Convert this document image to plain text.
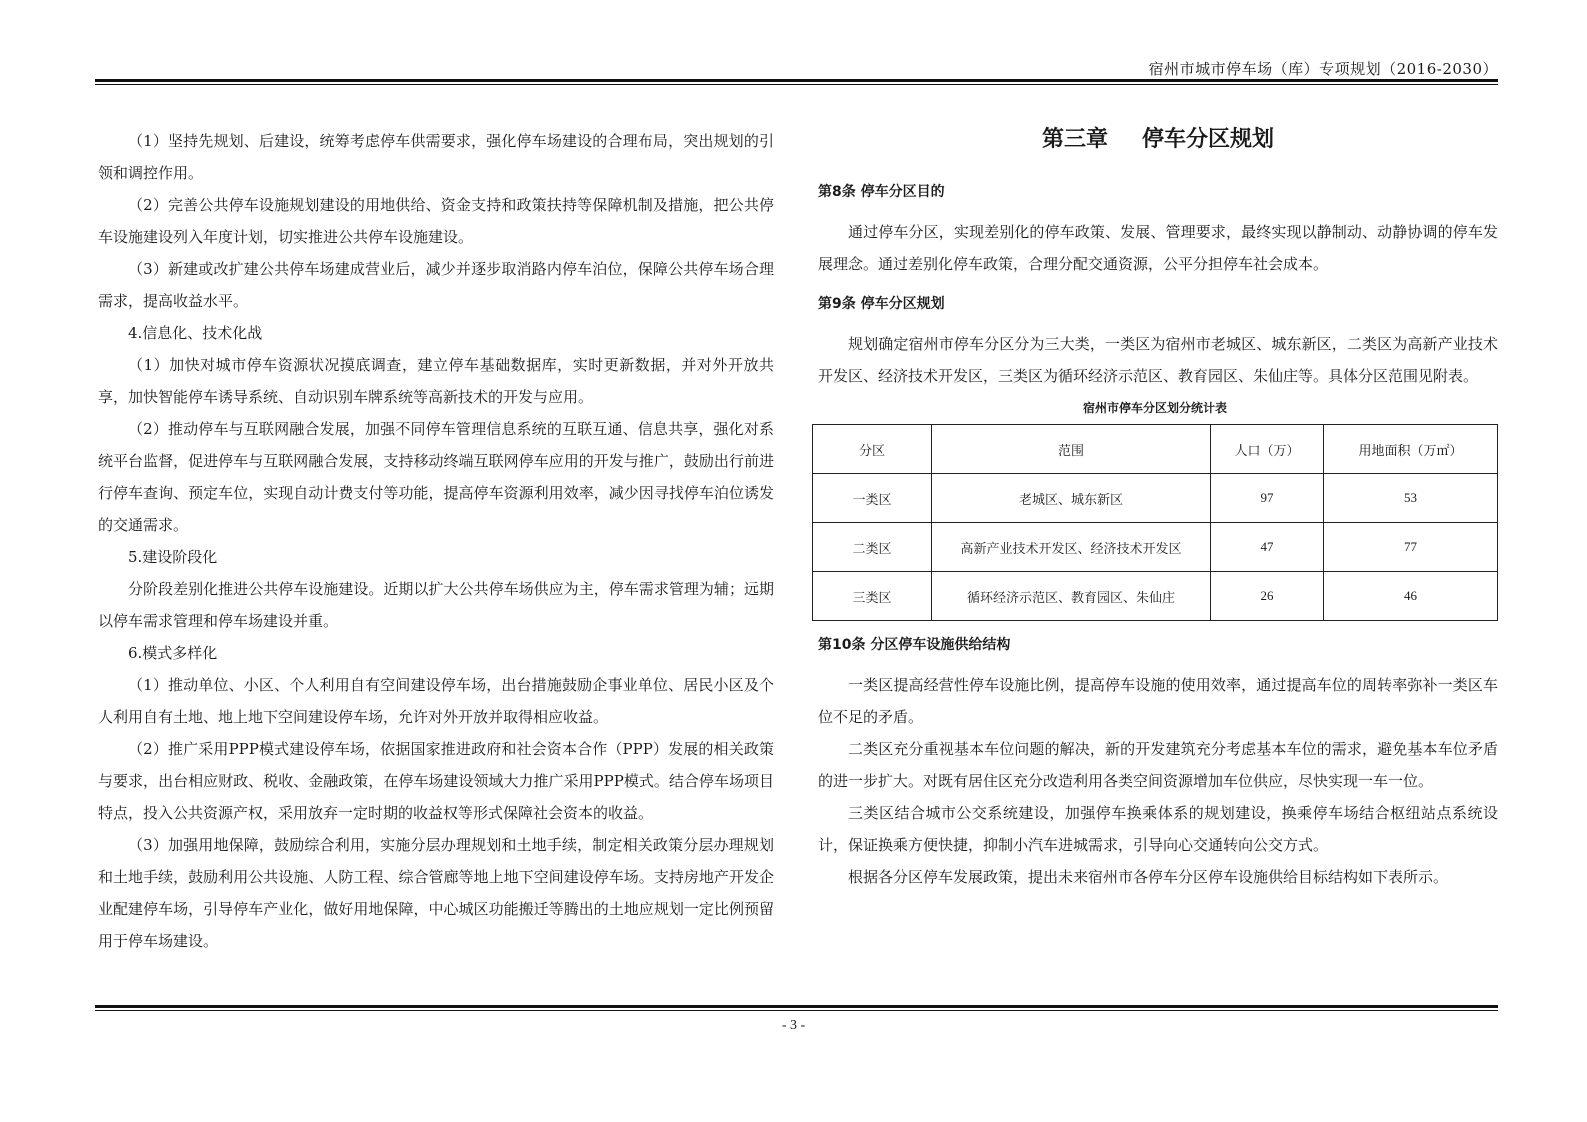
宿州市城市停车场（库）专项规划（2016-2030）

（1）坚持先规划、后建设，统筹考虑停车供需要求，强化停车场建设的合理布局，突出规划的引领和调控作用。

（2）完善公共停车设施规划建设的用地供给、资金支持和政策扶持等保障机制及措施，把公共停车设施建设列入年度计划，切实推进公共停车设施建设。

（3）新建或改扩建公共停车场建成营业后，减少并逐步取消路内停车泊位，保障公共停车场合理需求，提高收益水平。

4.信息化、技术化战

（1）加快对城市停车资源状况摸底调查，建立停车基础数据库，实时更新数据，并对外开放共享，加快智能停车诱导系统、自动识别车牌系统等高新技术的开发与应用。

（2）推动停车与互联网融合发展，加强不同停车管理信息系统的互联互通、信息共享，强化对系统平台监督，促进停车与互联网融合发展，支持移动终端互联网停车应用的开发与推广，鼓励出行前进行停车查询、预定车位，实现自动计费支付等功能，提高停车资源利用效率，减少因寻找停车泊位诱发的交通需求。

5.建设阶段化

分阶段差别化推进公共停车设施建设。近期以扩大公共停车场供应为主，停车需求管理为辅；远期以停车需求管理和停车场建设并重。

6.模式多样化

（1）推动单位、小区、个人利用自有空间建设停车场，出台措施鼓励企事业单位、居民小区及个人利用自有土地、地上地下空间建设停车场，允许对外开放并取得相应收益。

（2）推广采用PPP模式建设停车场，依据国家推进政府和社会资本合作（PPP）发展的相关政策与要求，出台相应财政、税收、金融政策，在停车场建设领域大力推广采用PPP模式。结合停车场项目特点，投入公共资源产权，采用放弃一定时期的收益权等形式保障社会资本的收益。

（3）加强用地保障，鼓励综合利用，实施分层办理规划和土地手续，制定相关政策分层办理规划和土地手续，鼓励利用公共设施、人防工程、综合管廊等地上地下空间建设停车场。支持房地产开发企业配建停车场，引导停车产业化，做好用地保障，中心城区功能搬迁等腾出的土地应规划一定比例预留用于停车场建设。

第三章 停车分区规划
第8条 停车分区目的

通过停车分区，实现差别化的停车政策、发展、管理要求，最终实现以静制动、动静协调的停车发展理念。通过差别化停车政策，合理分配交通资源，公平分担停车社会成本。

第9条 停车分区规划

规划确定宿州市停车分区分为三大类，一类区为宿州市老城区、城东新区，二类区为高新产业技术开发区、经济技术开发区，三类区为循环经济示范区、教育园区、朱仙庄等。具体分区范围见附表。

宿州市停车分区划分统计表
分区	范围	人口（万）	用地面积（万㎡）
一类区	老城区、城东新区	97	53
二类区	高新产业技术开发区、经济技术开发区	47	77
三类区	循环经济示范区、教育园区、朱仙庄	26	46
第10条 分区停车设施供给结构

一类区提高经营性停车设施比例，提高停车设施的使用效率，通过提高车位的周转率弥补一类区车位不足的矛盾。

二类区充分重视基本车位问题的解决，新的开发建筑充分考虑基本车位的需求，避免基本车位矛盾的进一步扩大。对既有居住区充分改造利用各类空间资源增加车位供应，尽快实现一车一位。

三类区结合城市公交系统建设，加强停车换乘体系的规划建设，换乘停车场结合枢纽站点系统设计，保证换乘方便快捷，抑制小汽车进城需求，引导向心交通转向公交方式。

根据各分区停车发展政策，提出未来宿州市各停车分区停车设施供给目标结构如下表所示。

- 3 -
